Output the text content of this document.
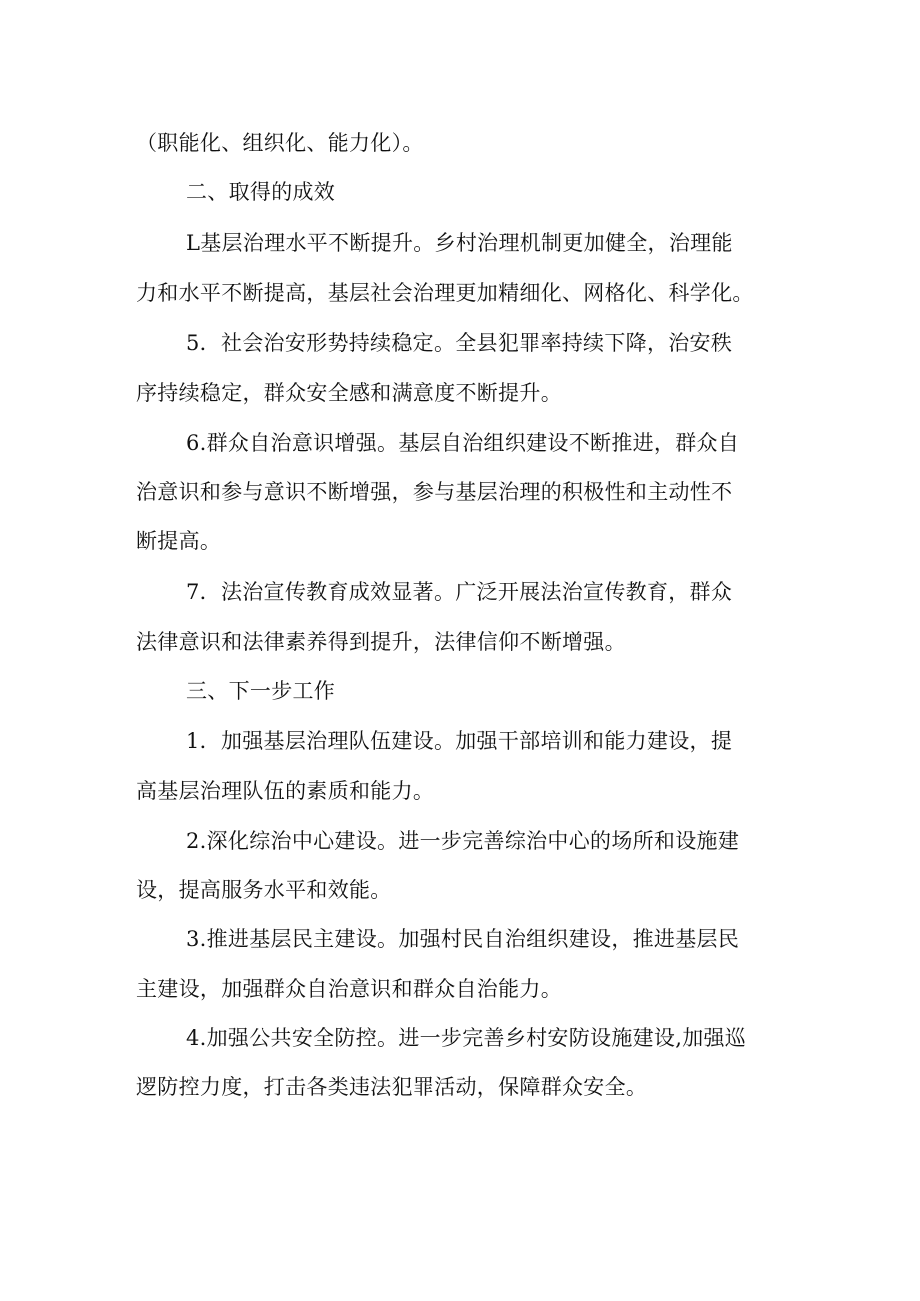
（职能化、组织化、能力化）。
二、取得的成效
L基层治理水平不断提升。乡村治理机制更加健全，治理能
力和水平不断提高，基层社会治理更加精细化、网格化、科学化。
5．社会治安形势持续稳定。全县犯罪率持续下降，治安秩
序持续稳定，群众安全感和满意度不断提升。
6.群众自治意识增强。基层自治组织建设不断推进，群众自
治意识和参与意识不断增强，参与基层治理的积极性和主动性不
断提高。
7．法治宣传教育成效显著。广泛开展法治宣传教育，群众
法律意识和法律素养得到提升，法律信仰不断增强。
三、下一步工作
1．加强基层治理队伍建设。加强干部培训和能力建设，提
高基层治理队伍的素质和能力。
2.深化综治中心建设。进一步完善综治中心的场所和设施建
设，提高服务水平和效能。
3.推进基层民主建设。加强村民自治组织建设，推进基层民
主建设，加强群众自治意识和群众自治能力。
4.加强公共安全防控。进一步完善乡村安防设施建设,加强巡
逻防控力度，打击各类违法犯罪活动，保障群众安全。
